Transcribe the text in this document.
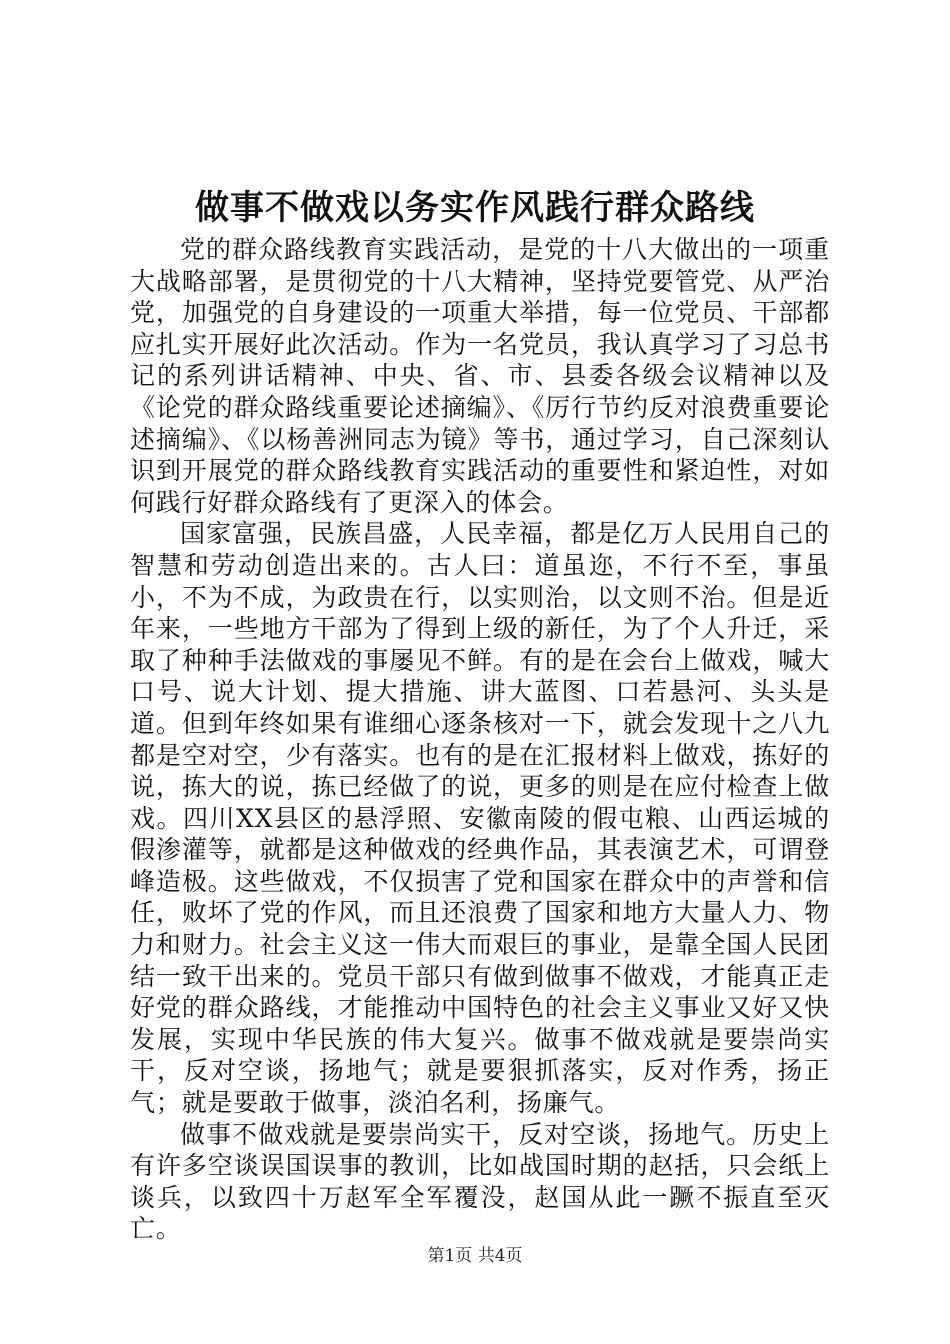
做事不做戏以务实作风践行群众路线

党的群众路线教育实践活动，是党的十八大做出的一项重大战略部署，是贯彻党的十八大精神，坚持党要管党、从严治党，加强党的自身建设的一项重大举措，每一位党员、干部都应扎实开展好此次活动。作为一名党员，我认真学习了习总书记的系列讲话精神、中央、省、市、县委各级会议精神以及《论党的群众路线重要论述摘编》、《厉行节约反对浪费重要论述摘编》、《以杨善洲同志为镜》等书，通过学习，自己深刻认识到开展党的群众路线教育实践活动的重要性和紧迫性，对如何践行好群众路线有了更深入的体会。

国家富强，民族昌盛，人民幸福，都是亿万人民用自己的智慧和劳动创造出来的。古人曰：道虽迩，不行不至，事虽小，不为不成，为政贵在行，以实则治，以文则不治。但是近年来，一些地方干部为了得到上级的新任，为了个人升迁，采取了种种手法做戏的事屡见不鲜。有的是在会台上做戏，喊大口号、说大计划、提大措施、讲大蓝图、口若悬河、头头是道。但到年终如果有谁细心逐条核对一下，就会发现十之八九都是空对空，少有落实。也有的是在汇报材料上做戏，拣好的说，拣大的说，拣已经做了的说，更多的则是在应付检查上做戏。四川XX县区的悬浮照、安徽南陵的假屯粮、山西运城的假渗灌等，就都是这种做戏的经典作品，其表演艺术，可谓登峰造极。这些做戏，不仅损害了党和国家在群众中的声誉和信任，败坏了党的作风，而且还浪费了国家和地方大量人力、物力和财力。社会主义这一伟大而艰巨的事业，是靠全国人民团结一致干出来的。党员干部只有做到做事不做戏，才能真正走好党的群众路线，才能推动中国特色的社会主义事业又好又快发展，实现中华民族的伟大复兴。做事不做戏就是要崇尚实干，反对空谈，扬地气；就是要狠抓落实，反对作秀，扬正气；就是要敢于做事，淡泊名利，扬廉气。

做事不做戏就是要崇尚实干，反对空谈，扬地气。历史上有许多空谈误国误事的教训，比如战国时期的赵括，只会纸上谈兵，以致四十万赵军全军覆没，赵国从此一蹶不振直至灭亡。

第1页 共4页
